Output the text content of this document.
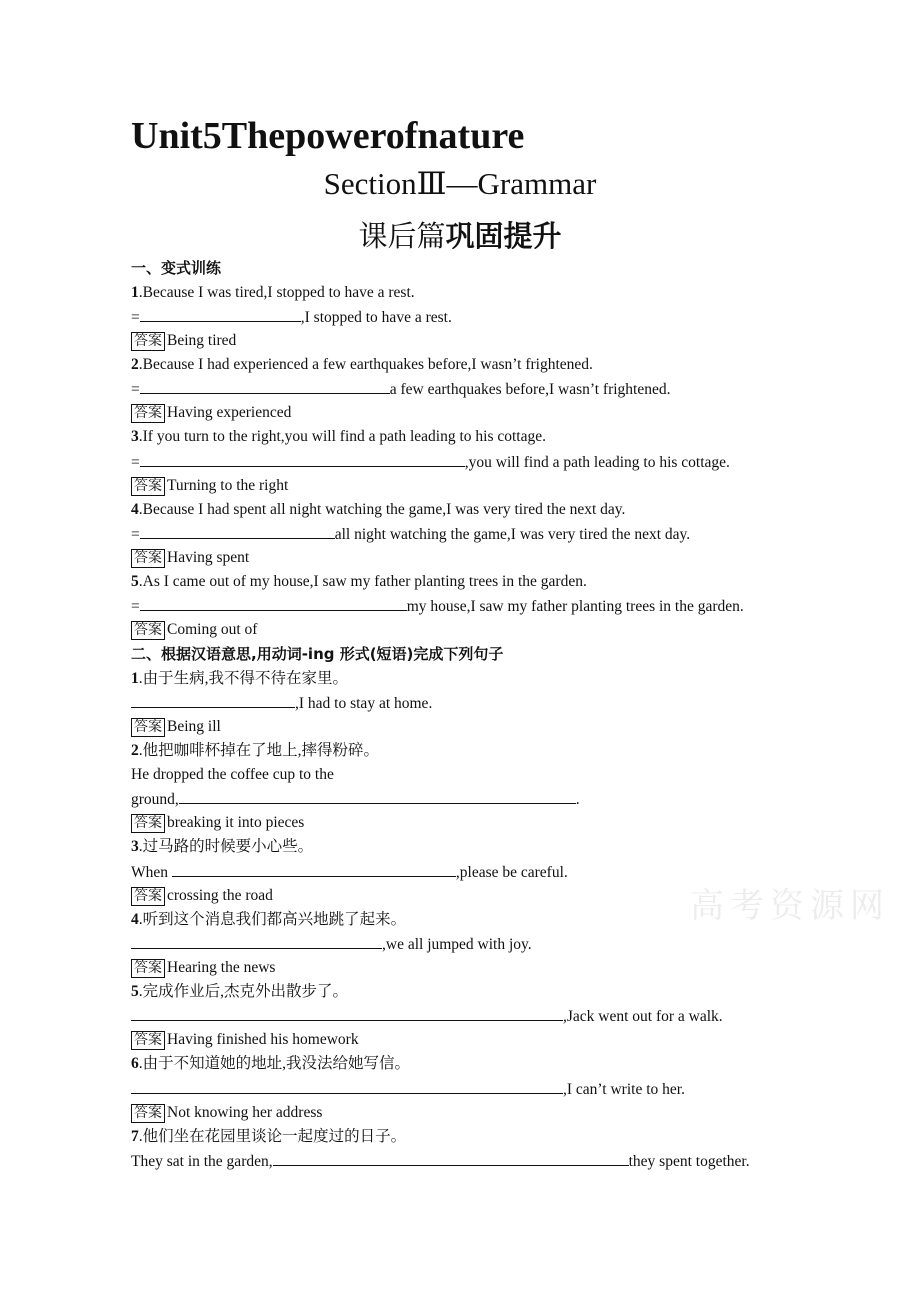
Unit5Thepowerofnature
SectionⅢ—Grammar
课后篇巩固提升
高考资源网
一、变式训练
1.Because I was tired,I stopped to have a rest.
=	,I stopped to have a rest.
答案 Being tired
2.Because I had experienced a few earthquakes before,I wasn’t frightened.
=	a few earthquakes before,I wasn’t frightened.
答案 Having experienced
3.If you turn to the right,you will find a path leading to his cottage.
=	,you will find a path leading to his cottage.
答案 Turning to the right
4.Because I had spent all night watching the game,I was very tired the next day.
=	all night watching the game,I was very tired the next day.
答案 Having spent
5.As I came out of my house,I saw my father planting trees in the garden.
=	my house,I saw my father planting trees in the garden.
答案 Coming out of
二、根据汉语意思,用动词-ing 形式(短语)完成下列句子
1.由于生病,我不得不待在家里。
,I had to stay at home.
答案 Being ill
2.他把咖啡杯掉在了地上,摔得粉碎。
He dropped the coffee cup to the
ground,	.
答案 breaking it into pieces
3.过马路的时候要小心些。
When	,please be careful.
答案 crossing the road
4.听到这个消息我们都高兴地跳了起来。
,we all jumped with joy.
答案 Hearing the news
5.完成作业后,杰克外出散步了。
,Jack went out for a walk.
答案 Having finished his homework
6.由于不知道她的地址,我没法给她写信。
,I can’t write to her.
答案 Not knowing her address
7.他们坐在花园里谈论一起度过的日子。
They sat in the garden,	they spent together.
